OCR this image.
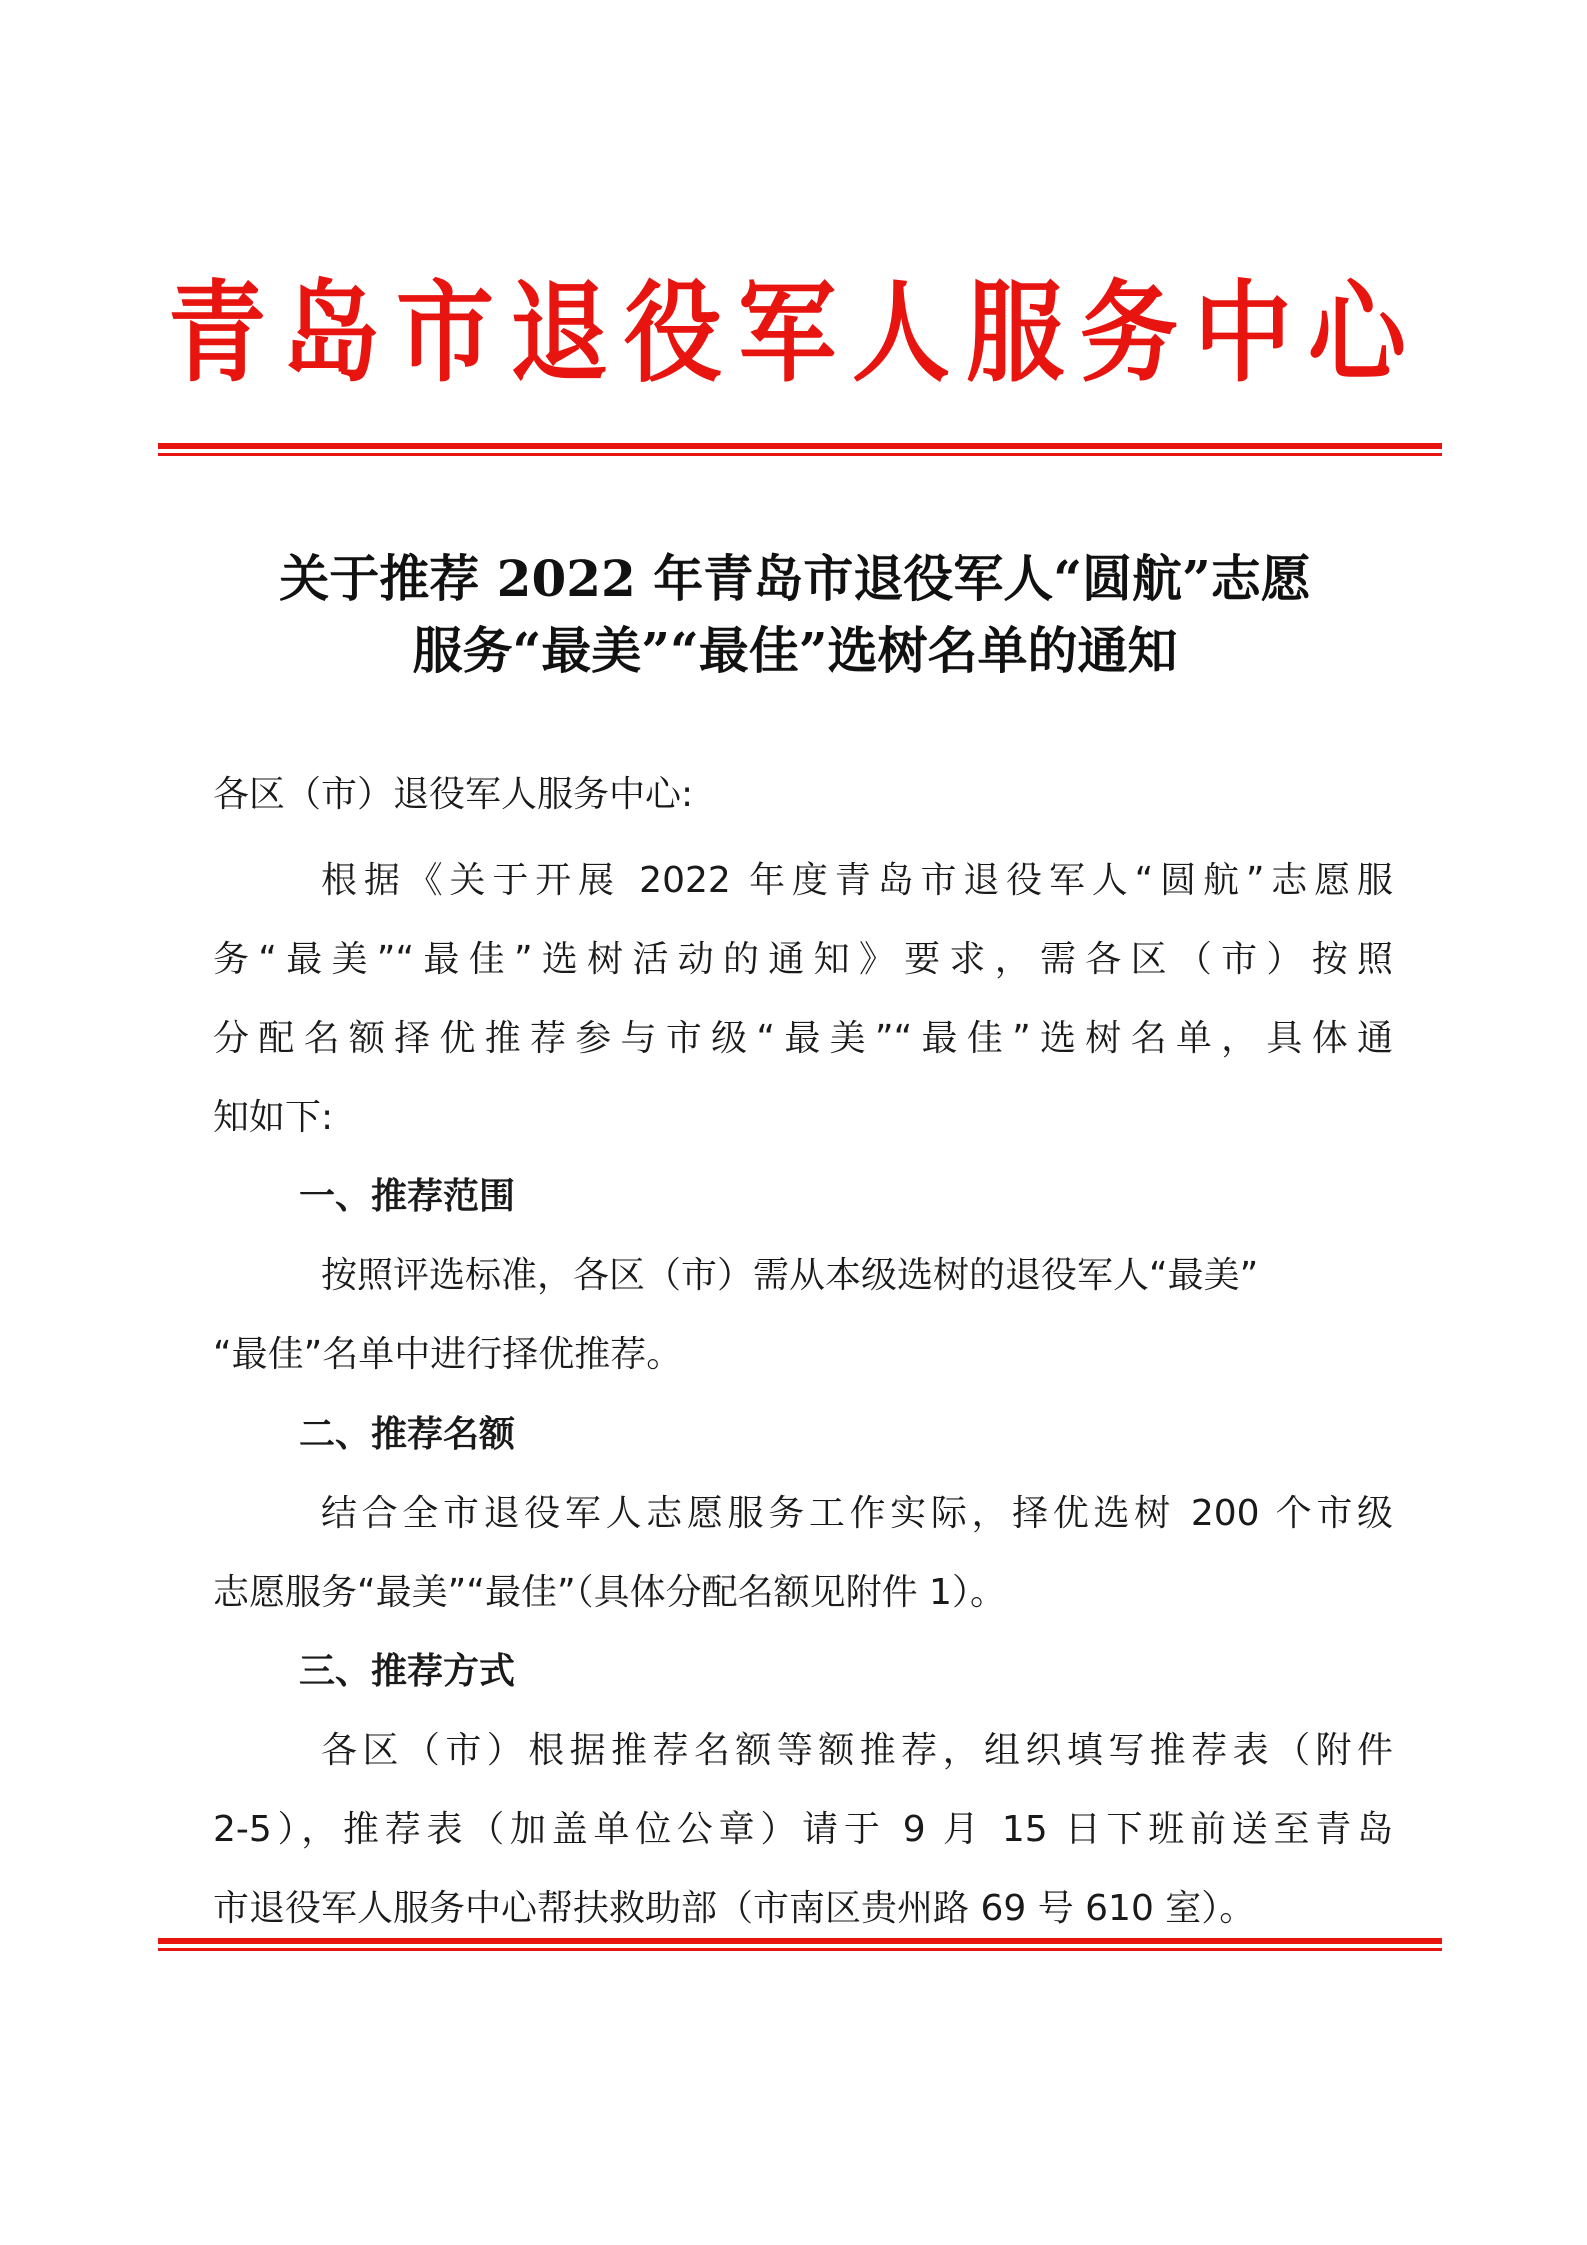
青岛市退役军人服务中心
关于推荐 2022 年青岛市退役军人“圆航”志愿
服务“最美”“最佳”选树名单的通知
各区（市）退役军人服务中心:
根据《关于开展 2022 年度青岛市退役军人“圆航”志愿服
务“最美”“最佳”选树活动的通知》要求，需各区（市）按照
分配名额择优推荐参与市级“最美”“最佳”选树名单，具体通
知如下:
一、推荐范围
按照评选标准，各区（市）需从本级选树的退役军人“最美”
“最佳”名单中进行择优推荐。
二、推荐名额
结合全市退役军人志愿服务工作实际，择优选树 200 个市级
志愿服务“最美”“最佳”（具体分配名额见附件 1）。
三、推荐方式
各区（市）根据推荐名额等额推荐，组织填写推荐表（附件
2-5），推荐表（加盖单位公章）请于 9 月 15 日下班前送至青岛
市退役军人服务中心帮扶救助部（市南区贵州路 69 号 610 室）。
